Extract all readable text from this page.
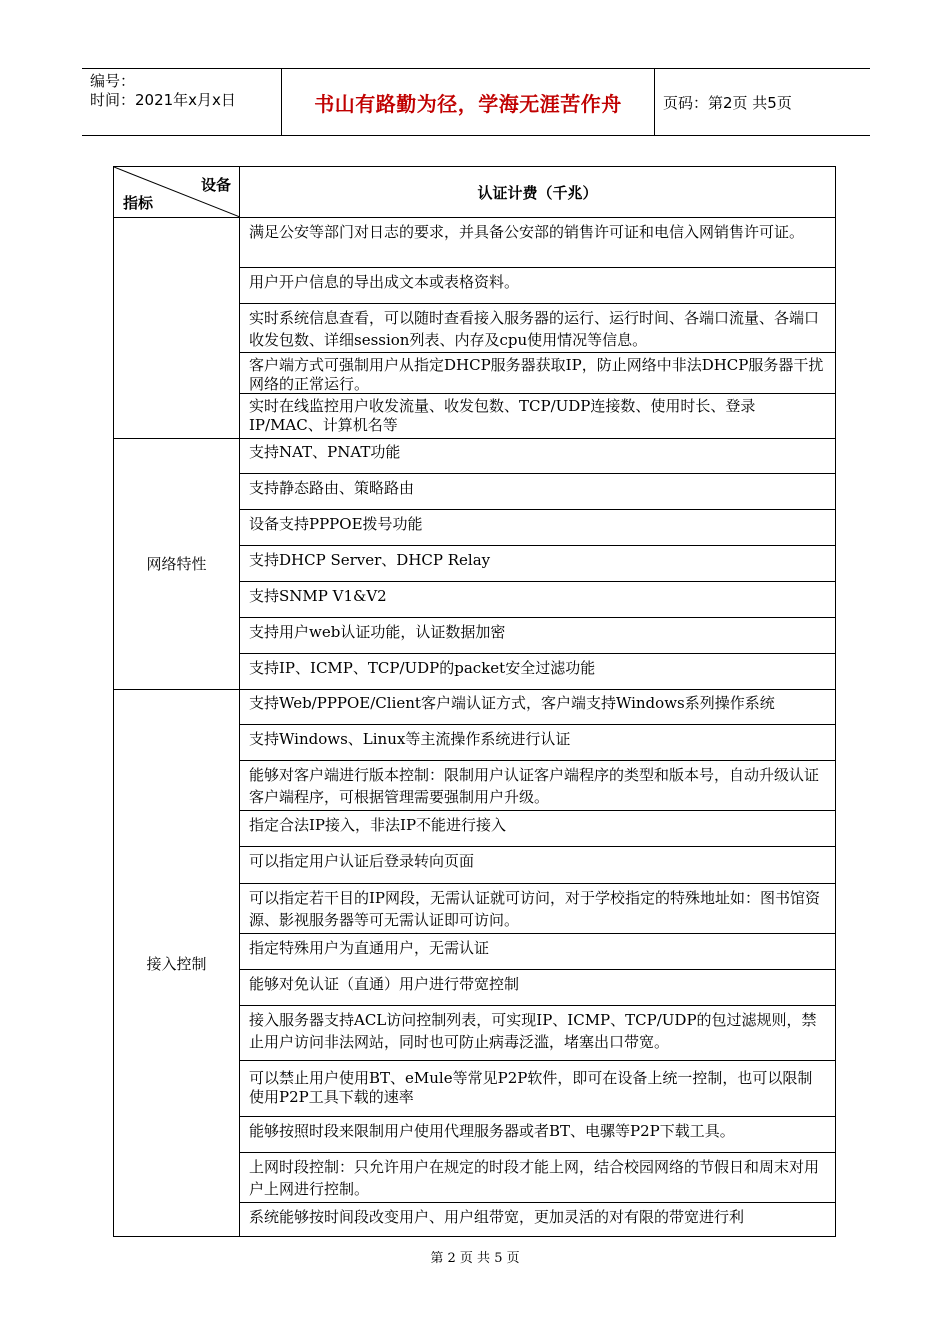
编号：
时间：2021年x月x日	书山有路勤为径，学海无涯苦作舟	页码：第2页 共5页
设备
指标
认证计费（千兆）
满足公安等部门对日志的要求，并具备公安部的销售许可证和电信入网销售许可证。
用户开户信息的导出成文本或表格资料。
实时系统信息查看，可以随时查看接入服务器的运行、运行时间、各端口流量、各端口收发包数、详细session列表、内存及cpu使用情况等信息。
客户端方式可强制用户从指定DHCP服务器获取IP，防止网络中非法DHCP服务器干扰网络的正常运行。
实时在线监控用户收发流量、收发包数、TCP/UDP连接数、使用时长、登录IP/MAC、计算机名等
网络特性
支持NAT、PNAT功能
支持静态路由、策略路由
设备支持PPPOE拨号功能
支持DHCP Server、DHCP Relay
支持SNMP V1&V2
支持用户web认证功能，认证数据加密
支持IP、ICMP、TCP/UDP的packet安全过滤功能
接入控制
支持Web/PPPOE/Client客户端认证方式，客户端支持Windows系列操作系统
支持Windows、Linux等主流操作系统进行认证
能够对客户端进行版本控制：限制用户认证客户端程序的类型和版本号，自动升级认证客户端程序，可根据管理需要强制用户升级。
指定合法IP接入，非法IP不能进行接入
可以指定用户认证后登录转向页面
可以指定若干目的IP网段，无需认证就可访问，对于学校指定的特殊地址如：图书馆资源、影视服务器等可无需认证即可访问。
指定特殊用户为直通用户，无需认证
能够对免认证（直通）用户进行带宽控制
接入服务器支持ACL访问控制列表，可实现IP、ICMP、TCP/UDP的包过滤规则，禁止用户访问非法网站，同时也可防止病毒泛滥，堵塞出口带宽。
可以禁止用户使用BT、eMule等常见P2P软件，即可在设备上统一控制，也可以限制使用P2P工具下载的速率
能够按照时段来限制用户使用代理服务器或者BT、电骡等P2P下载工具。
上网时段控制：只允许用户在规定的时段才能上网，结合校园网络的节假日和周末对用户上网进行控制。
系统能够按时间段改变用户、用户组带宽，更加灵活的对有限的带宽进行利
第 2 页 共 5 页
